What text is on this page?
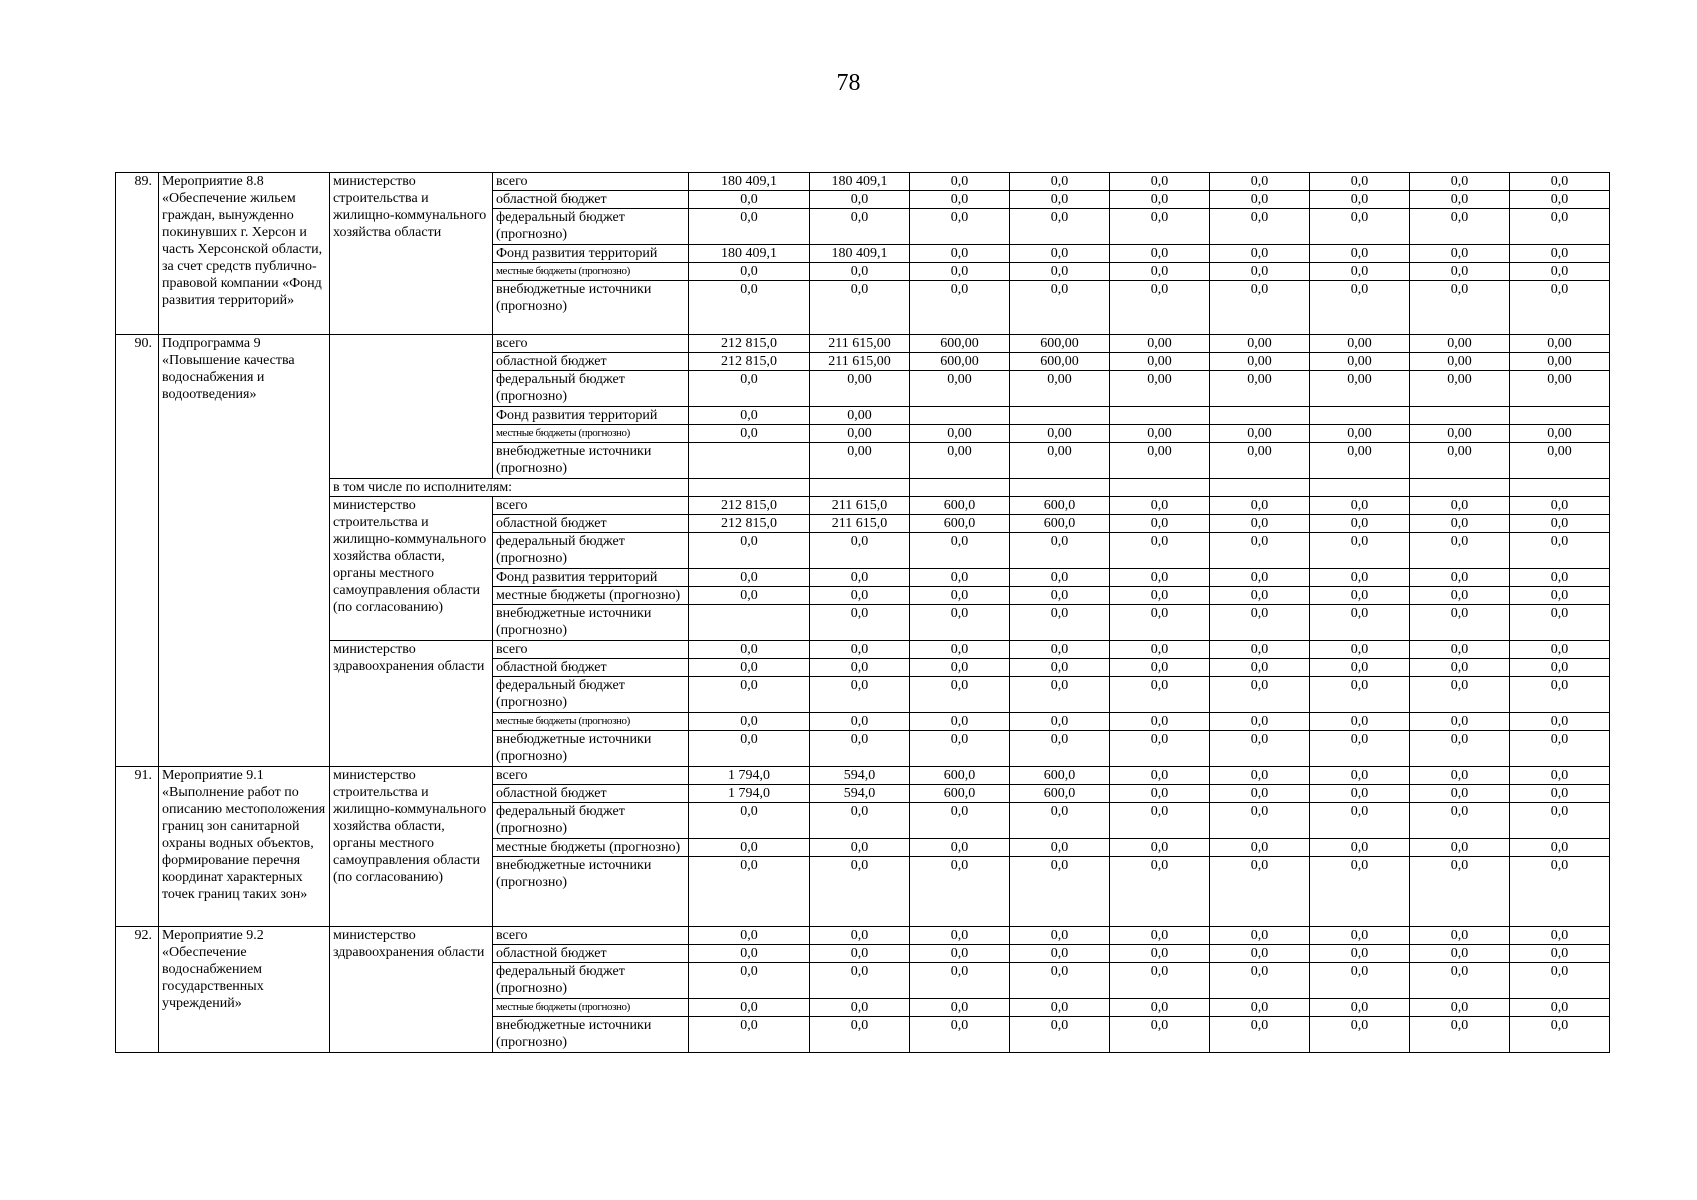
78
89.	Мероприятие 8.8 «Обеспечение жильем граждан, вынужденно покинувших г. Херсон и часть Херсонской области, за счет средств публично-правовой компании «Фонд развития территорий»	министерство строительства и жилищно-коммунального хозяйства области	всего	180 409,1	180 409,1	0,0	0,0	0,0	0,0	0,0	0,0	0,0
			областной бюджет	0,0	0,0	0,0	0,0	0,0	0,0	0,0	0,0	0,0
			федеральный бюджет (прогнозно)	0,0	0,0	0,0	0,0	0,0	0,0	0,0	0,0	0,0
			Фонд развития территорий	180 409,1	180 409,1	0,0	0,0	0,0	0,0	0,0	0,0	0,0
			местные бюджеты (прогнозно)	0,0	0,0	0,0	0,0	0,0	0,0	0,0	0,0	0,0
			внебюджетные источники (прогнозно)	0,0	0,0	0,0	0,0	0,0	0,0	0,0	0,0	0,0
90.	Подпрограмма 9 «Повышение качества водоснабжения и водоотведения»		всего	212 815,0	211 615,00	600,00	600,00	0,00	0,00	0,00	0,00	0,00
			областной бюджет	212 815,0	211 615,00	600,00	600,00	0,00	0,00	0,00	0,00	0,00
			федеральный бюджет (прогнозно)	0,0	0,00	0,00	0,00	0,00	0,00	0,00	0,00	0,00
			Фонд развития территорий	0,0	0,00							
			местные бюджеты (прогнозно)	0,0	0,00	0,00	0,00	0,00	0,00	0,00	0,00	0,00
			внебюджетные источники (прогнозно)		0,00	0,00	0,00	0,00	0,00	0,00	0,00	0,00
		в том числе по исполнителям:										
		министерство строительства и жилищно-коммунального хозяйства области, органы местного самоуправления области (по согласованию)	всего	212 815,0	211 615,0	600,0	600,0	0,0	0,0	0,0	0,0	0,0
			областной бюджет	212 815,0	211 615,0	600,0	600,0	0,0	0,0	0,0	0,0	0,0
			федеральный бюджет (прогнозно)	0,0	0,0	0,0	0,0	0,0	0,0	0,0	0,0	0,0
			Фонд развития территорий	0,0	0,0	0,0	0,0	0,0	0,0	0,0	0,0	0,0
			местные бюджеты (прогнозно)	0,0	0,0	0,0	0,0	0,0	0,0	0,0	0,0	0,0
			внебюджетные источники (прогнозно)		0,0	0,0	0,0	0,0	0,0	0,0	0,0	0,0
		министерство здравоохранения области	всего	0,0	0,0	0,0	0,0	0,0	0,0	0,0	0,0	0,0
			областной бюджет	0,0	0,0	0,0	0,0	0,0	0,0	0,0	0,0	0,0
			федеральный бюджет (прогнозно)	0,0	0,0	0,0	0,0	0,0	0,0	0,0	0,0	0,0
			местные бюджеты (прогнозно)	0,0	0,0	0,0	0,0	0,0	0,0	0,0	0,0	0,0
			внебюджетные источники (прогнозно)	0,0	0,0	0,0	0,0	0,0	0,0	0,0	0,0	0,0
91.	Мероприятие 9.1 «Выполнение работ по описанию местоположения границ зон санитарной охраны водных объектов, формирование перечня координат характерных точек границ таких зон»	министерство строительства и жилищно-коммунального хозяйства области, органы местного самоуправления области (по согласованию)	всего	1 794,0	594,0	600,0	600,0	0,0	0,0	0,0	0,0	0,0
			областной бюджет	1 794,0	594,0	600,0	600,0	0,0	0,0	0,0	0,0	0,0
			федеральный бюджет (прогнозно)	0,0	0,0	0,0	0,0	0,0	0,0	0,0	0,0	0,0
			местные бюджеты (прогнозно)	0,0	0,0	0,0	0,0	0,0	0,0	0,0	0,0	0,0
			внебюджетные источники (прогнозно)	0,0	0,0	0,0	0,0	0,0	0,0	0,0	0,0	0,0
92.	Мероприятие 9.2 «Обеспечение водоснабжением государственных учреждений»	министерство здравоохранения области	всего	0,0	0,0	0,0	0,0	0,0	0,0	0,0	0,0	0,0
			областной бюджет	0,0	0,0	0,0	0,0	0,0	0,0	0,0	0,0	0,0
			федеральный бюджет (прогнозно)	0,0	0,0	0,0	0,0	0,0	0,0	0,0	0,0	0,0
			местные бюджеты (прогнозно)	0,0	0,0	0,0	0,0	0,0	0,0	0,0	0,0	0,0
			внебюджетные источники (прогнозно)	0,0	0,0	0,0	0,0	0,0	0,0	0,0	0,0	0,0
